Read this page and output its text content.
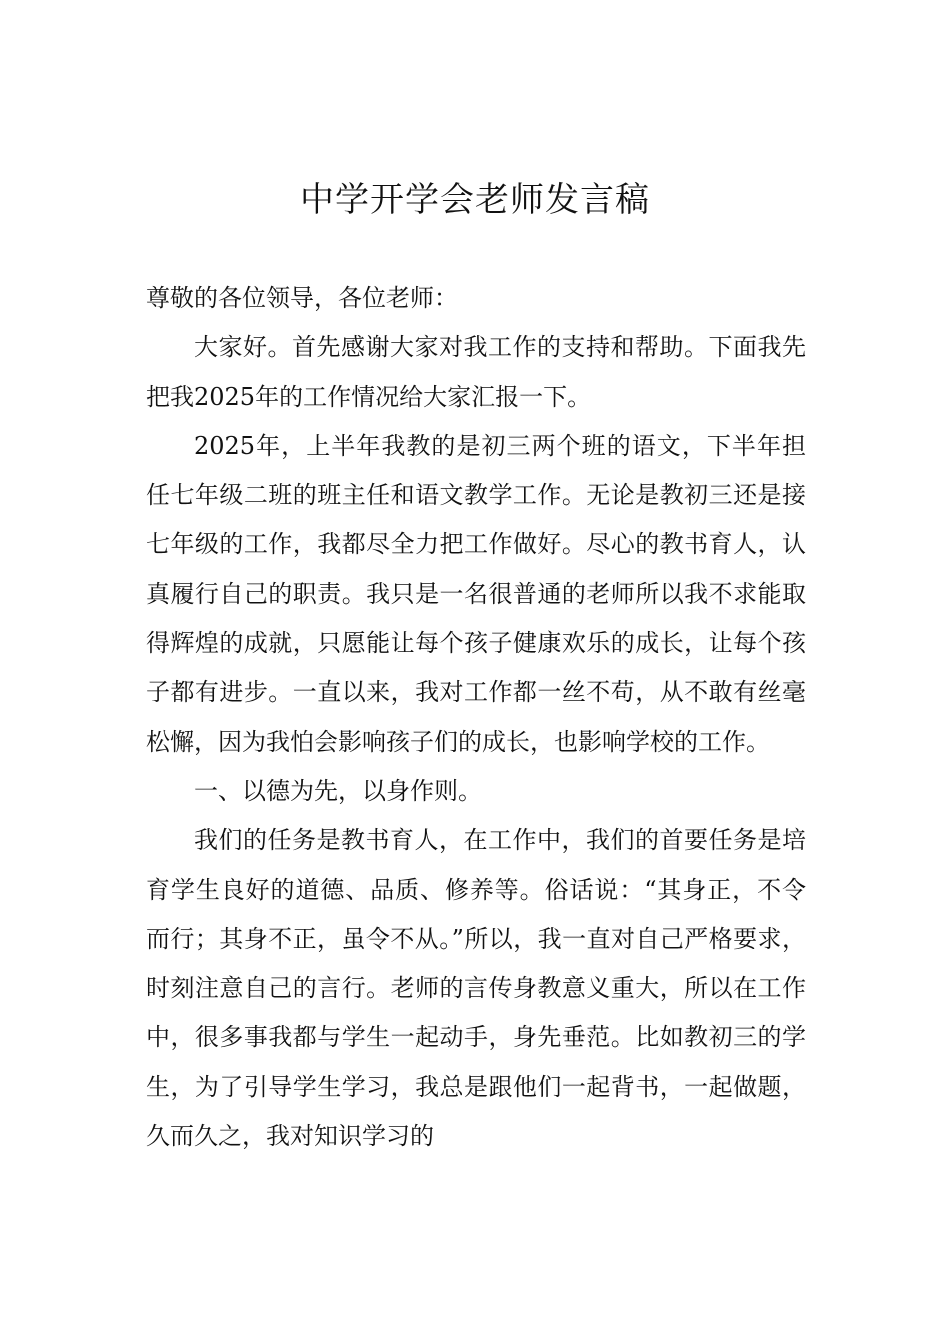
中学开学会老师发言稿

尊敬的各位领导，各位老师：

大家好。首先感谢大家对我工作的支持和帮助。下面我先把我2025年的工作情况给大家汇报一下。

2025年，上半年我教的是初三两个班的语文，下半年担任七年级二班的班主任和语文教学工作。无论是教初三还是接七年级的工作，我都尽全力把工作做好。尽心的教书育人，认真履行自己的职责。我只是一名很普通的老师所以我不求能取得辉煌的成就，只愿能让每个孩子健康欢乐的成长，让每个孩子都有进步。一直以来，我对工作都一丝不苟，从不敢有丝毫松懈，因为我怕会影响孩子们的成长，也影响学校的工作。

一、以德为先，以身作则。

我们的任务是教书育人，在工作中，我们的首要任务是培育学生良好的道德、品质、修养等。俗话说：“其身正，不令而行；其身不正，虽令不从。”所以，我一直对自己严格要求，时刻注意自己的言行。老师的言传身教意义重大，所以在工作中，很多事我都与学生一起动手，身先垂范。比如教初三的学生，为了引导学生学习，我总是跟他们一起背书，一起做题，久而久之，我对知识学习的
